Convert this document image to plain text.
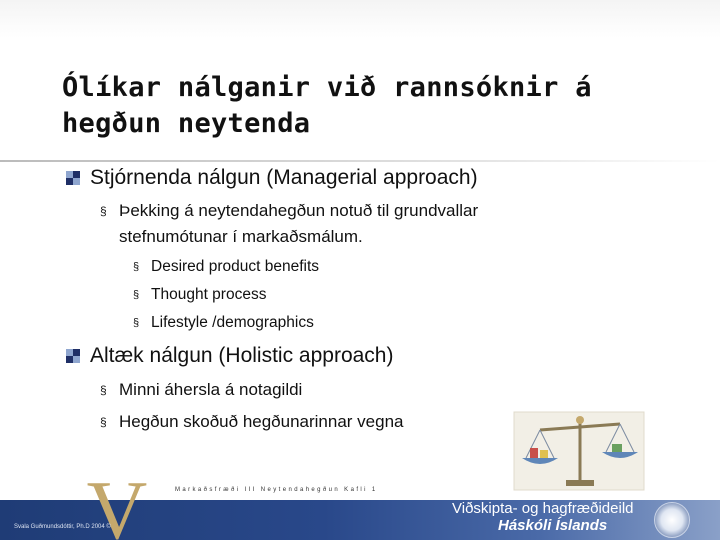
Ólíkar nálganir við rannsóknir á hegðun neytenda
Stjórnenda nálgun (Managerial approach)
§ Þekking á neytendahegðun notuð til grundvallar stefnumótunar í markaðsmálum.
§ Desired product benefits
§ Thought process
§ Lifestyle /demographics
Altæk nálgun (Holistic approach)
§ Minni áhersla á notagildi
§ Hegðun skoðuð hegðunarinnar vegna
Markaðsfræði III Neytendahegðun Kafli 1
V
Svala Guðmundsdóttir, Ph.D 2004 ©
Viðskipta- og hagfræðideild
Háskóli Íslands
